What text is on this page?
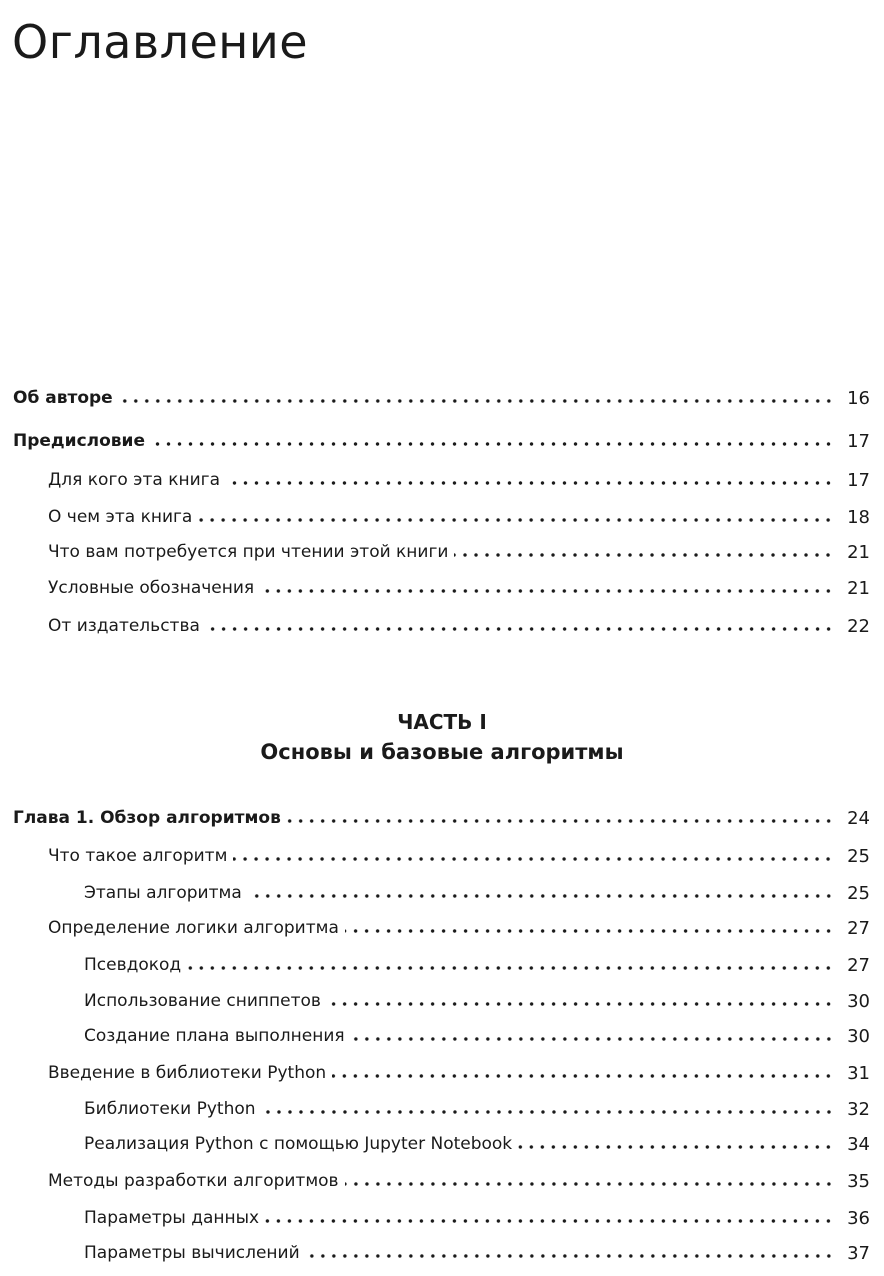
Оглавление
Об авторе	16
Предисловие	17
Для кого эта книга	17
О чем эта книга	18
Что вам потребуется при чтении этой книги	21
Условные обозначения	21
От издательства	22
ЧАСТЬ I
Основы и базовые алгоритмы
Глава 1. Обзор алгоритмов	24
Что такое алгоритм	25
Этапы алгоритма	25
Определение логики алгоритма	27
Псевдокод	27
Использование сниппетов	30
Создание плана выполнения	30
Введение в библиотеки Python	31
Библиотеки Python	32
Реализация Python с помощью Jupyter Notebook	34
Методы разработки алгоритмов	35
Параметры данных	36
Параметры вычислений	37
